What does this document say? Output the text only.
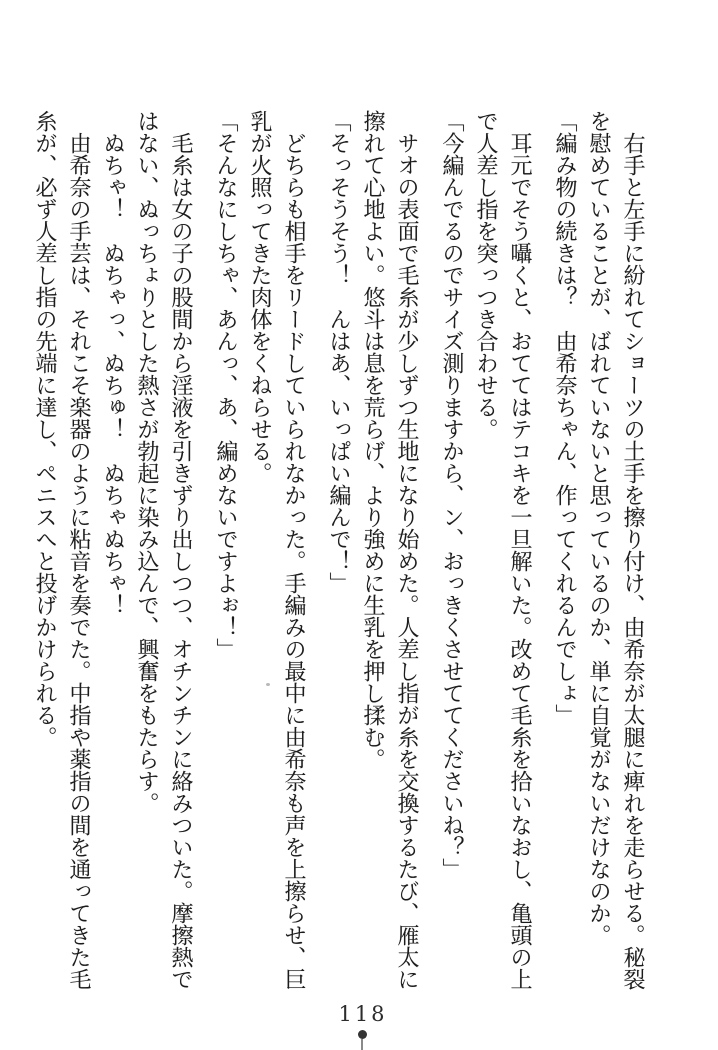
　右手と左手に紛れてショーツの土手を擦り付け、由希奈が太腿に痺れを走らせる。秘裂
を慰めていることが、ばれていないと思っているのか、単に自覚がないだけなのか。
「編み物の続きは？　由希奈ちゃん、作ってくれるんでしょ」
　耳元でそう囁くと、おててはテコキを一旦解いた。改めて毛糸を拾いなおし、亀頭の上
で人差し指を突っつき合わせる。
「今編んでるのでサイズ測りますから、ン、おっきくさせててくださいね？」
　サオの表面で毛糸が少しずつ生地になり始めた。人差し指が糸を交換するたび、雁太に
擦れて心地よい。悠斗は息を荒らげ、より強めに生乳を押し揉む。
「そっそうそう！　んはあ、いっぱい編んで！」
　どちらも相手をリードしていられなかった。手編みの最中に由希奈も声を上擦らせ、巨
乳が火照ってきた肉体をくねらせる。
「そんなにしちゃ、あんっ、あ、編めないですよぉ！」
　毛糸は女の子の股間から淫液を引きずり出しつつ、オチンチンに絡みついた。摩擦熱で
はない、ぬっちょりとした熱さが勃起に染み込んで、興奮をもたらす。
　ぬちゃ！　ぬちゃっ、ぬちゅ！　ぬちゃぬちゃ！
　由希奈の手芸は、それこそ楽器のように粘音を奏でた。中指や薬指の間を通ってきた毛
糸が、必ず人差し指の先端に達し、ペニスへと投げかけられる。
118
